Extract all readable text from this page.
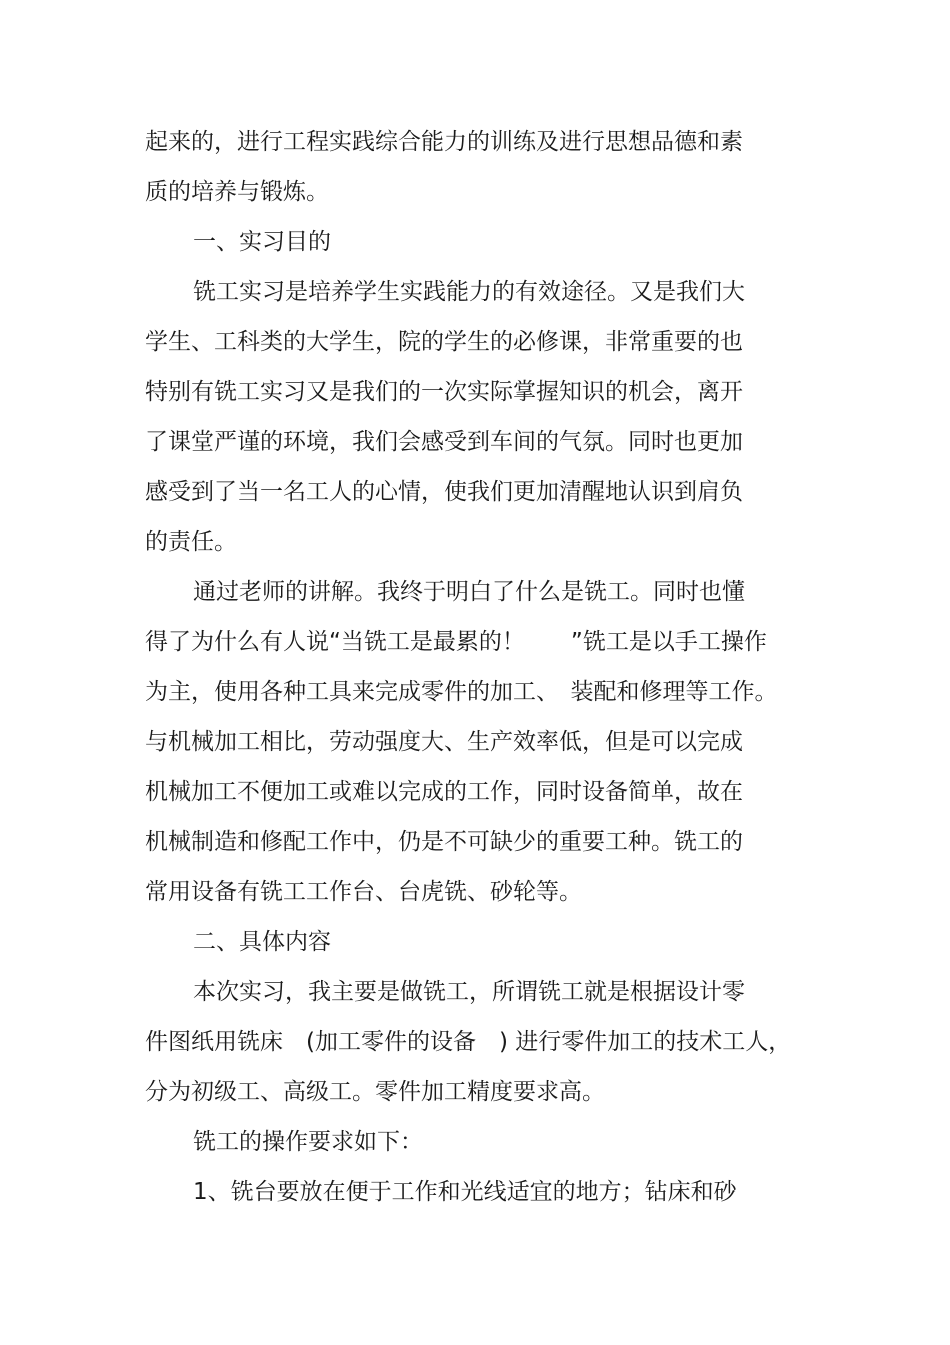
起来的，进行工程实践综合能力的训练及进行思想品德和素
质的培养与锻炼。
一、实习目的
铣工实习是培养学生实践能力的有效途径。又是我们大
学生、工科类的大学生，院的学生的必修课，非常重要的也
特别有铣工实习又是我们的一次实际掌握知识的机会，离开
了课堂严谨的环境，我们会感受到车间的气氛。同时也更加
感受到了当一名工人的心情，使我们更加清醒地认识到肩负
的责任。
通过老师的讲解。我终于明白了什么是铣工。同时也懂
得了为什么有人说“当铣工是最累的！　　”铣工是以手工操作
为主，使用各种工具来完成零件的加工、　装配和修理等工作。
与机械加工相比，劳动强度大、生产效率低，但是可以完成
机械加工不便加工或难以完成的工作，同时设备简单，故在
机械制造和修配工作中，仍是不可缺少的重要工种。铣工的
常用设备有铣工工作台、台虎铣、砂轮等。
二、具体内容
本次实习，我主要是做铣工，所谓铣工就是根据设计零
件图纸用铣床　(加工零件的设备　) 进行零件加工的技术工人，
分为初级工、高级工。零件加工精度要求高。
铣工的操作要求如下：
1、铣台要放在便于工作和光线适宜的地方；钻床和砂
